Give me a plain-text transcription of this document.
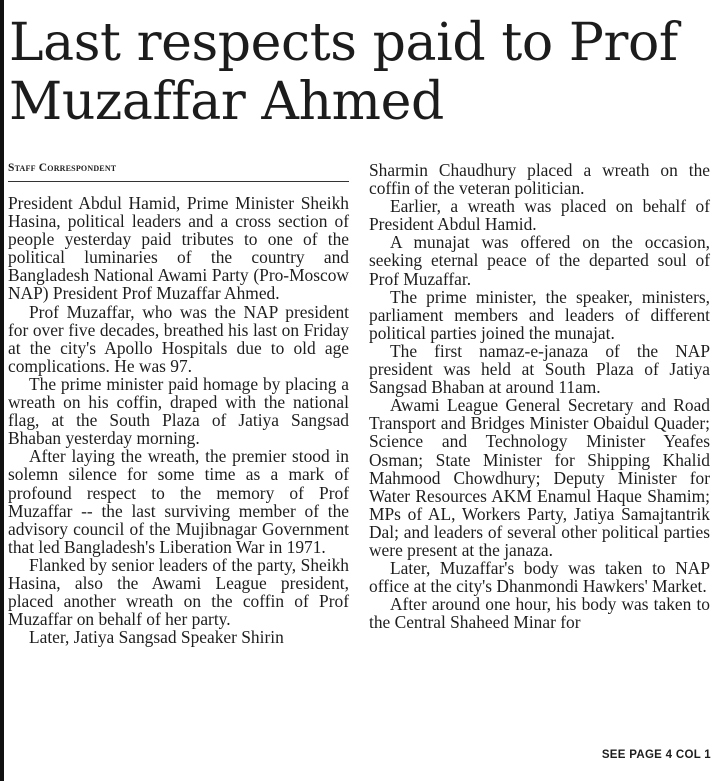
Last respects paid to Prof Muzaffar Ahmed
Staff Correspondent

President Abdul Hamid, Prime Minister Sheikh Hasina, political leaders and a cross section of people yesterday paid tributes to one of the political luminaries of the country and Bangladesh National Awami Party (Pro-Moscow NAP) President Prof Muzaffar Ahmed.

Prof Muzaffar, who was the NAP president for over five decades, breathed his last on Friday at the city's Apollo Hospitals due to old age complications. He was 97.

The prime minister paid homage by placing a wreath on his coffin, draped with the national flag, at the South Plaza of Jatiya Sangsad Bhaban yesterday morning.

After laying the wreath, the premier stood in solemn silence for some time as a mark of profound respect to the memory of Prof Muzaffar -- the last surviving member of the advisory council of the Mujibnagar Government that led Bangladesh's Liberation War in 1971.

Flanked by senior leaders of the party, Sheikh Hasina, also the Awami League president, placed another wreath on the coffin of Prof Muzaffar on behalf of her party.

Later, Jatiya Sangsad Speaker Shirin

Sharmin Chaudhury placed a wreath on the coffin of the veteran politician.

Earlier, a wreath was placed on behalf of President Abdul Hamid.

A munajat was offered on the occasion, seeking eternal peace of the departed soul of Prof Muzaffar.

The prime minister, the speaker, ministers, parliament members and leaders of different political parties joined the munajat.

The first namaz-e-janaza of the NAP president was held at South Plaza of Jatiya Sangsad Bhaban at around 11am.

Awami League General Secretary and Road Transport and Bridges Minister Obaidul Quader; Science and Technology Minister Yeafes Osman; State Minister for Shipping Khalid Mahmood Chowdhury; Deputy Minister for Water Resources AKM Enamul Haque Shamim; MPs of AL, Workers Party, Jatiya Samajtantrik Dal; and leaders of several other political parties were present at the janaza.

Later, Muzaffar's body was taken to NAP office at the city's Dhanmondi Hawkers' Market.

After around one hour, his body was taken to the Central Shaheed Minar for

SEE PAGE 4 COL 1
